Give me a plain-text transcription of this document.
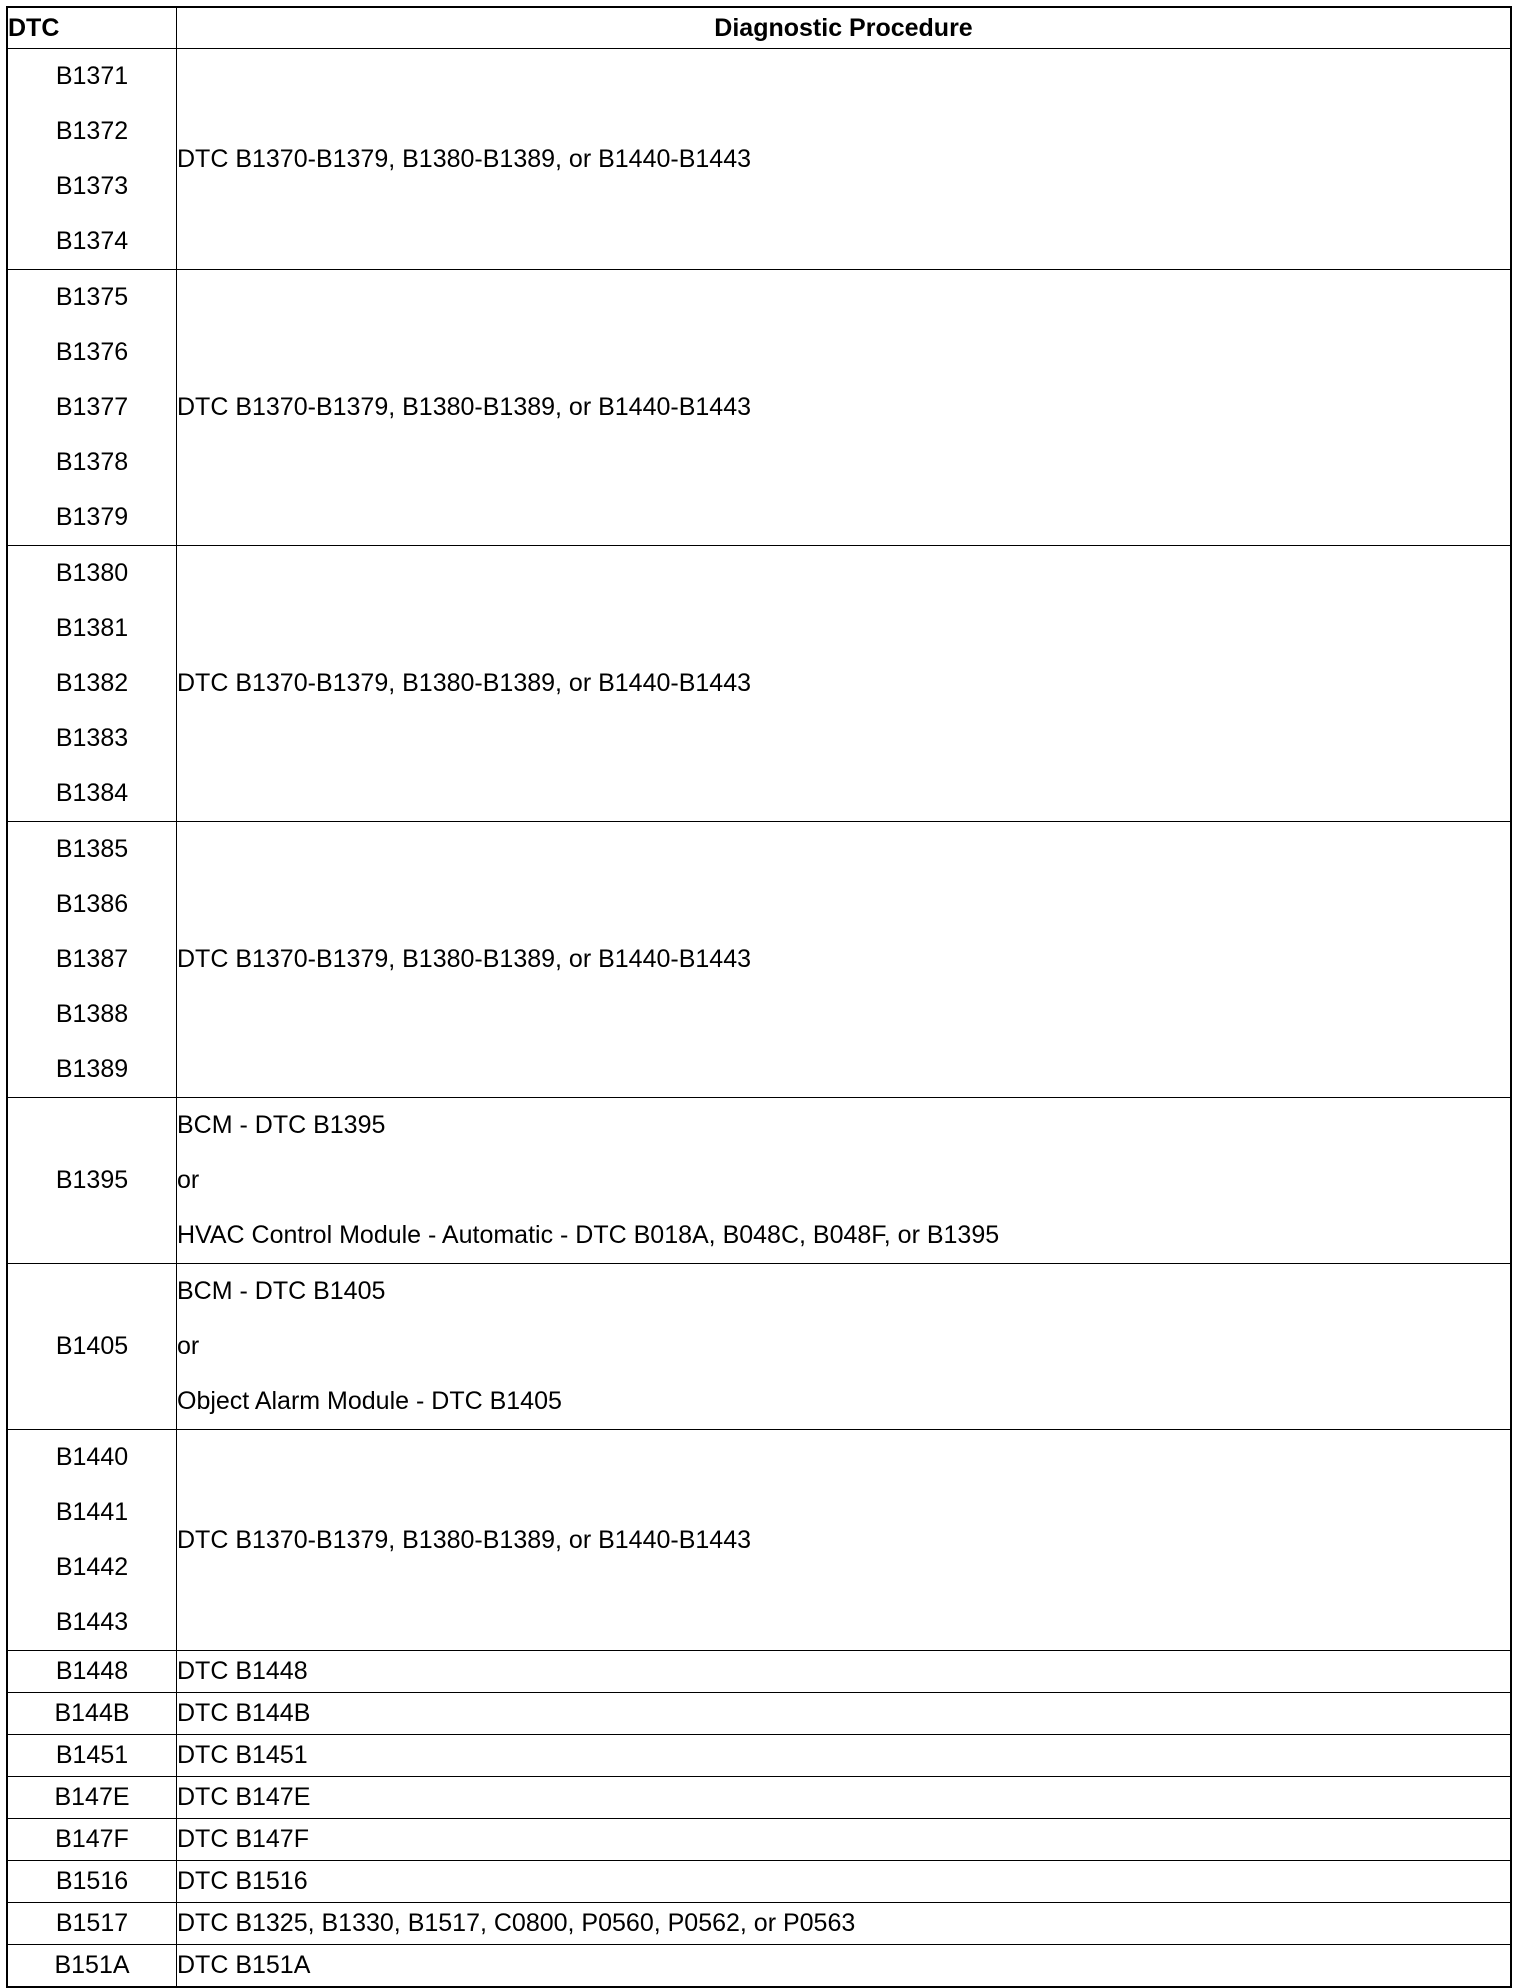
DTC	Diagnostic Procedure

B1371
B1372
B1373
B1374	DTC B1370-B1379, B1380-B1389, or B1440-B1443

B1375
B1376
B1377
B1378
B1379	DTC B1370-B1379, B1380-B1389, or B1440-B1443

B1380
B1381
B1382
B1383
B1384	DTC B1370-B1379, B1380-B1389, or B1440-B1443

B1385
B1386
B1387
B1388
B1389	DTC B1370-B1379, B1380-B1389, or B1440-B1443

B1395	BCM - DTC B1395
or
HVAC Control Module - Automatic - DTC B018A, B048C, B048F, or B1395

B1405	BCM - DTC B1405
or
Object Alarm Module - DTC B1405

B1440
B1441
B1442
B1443	DTC B1370-B1379, B1380-B1389, or B1440-B1443

B1448	DTC B1448

B144B	DTC B144B

B1451	DTC B1451

B147E	DTC B147E

B147F	DTC B147F

B1516	DTC B1516

B1517	DTC B1325, B1330, B1517, C0800, P0560, P0562, or P0563

B151A	DTC B151A
